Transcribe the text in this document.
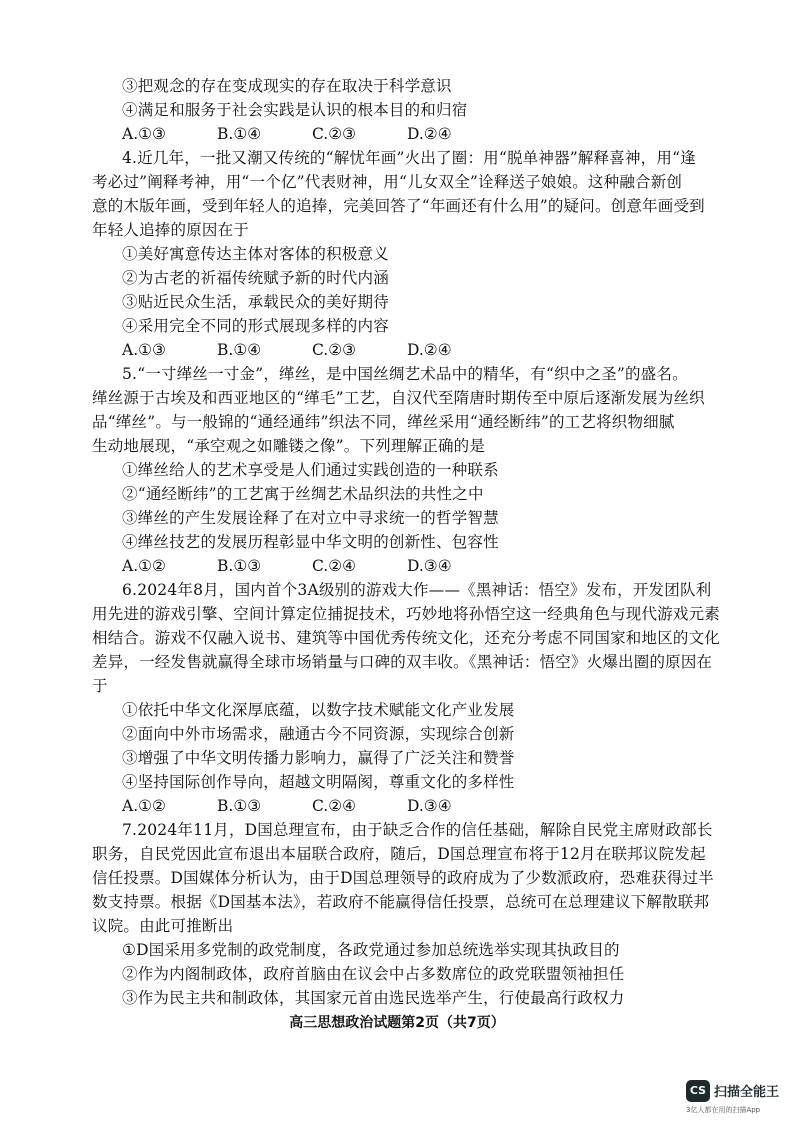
③把观念的存在变成现实的存在取决于科学意识
④满足和服务于社会实践是认识的根本目的和归宿
A.①③	B.①④	C.②③	D.②④
4.近几年，一批又潮又传统的“解忧年画”火出了圈：用“脱单神器”解释喜神，用“逢
考必过”阐释考神，用“一个亿”代表财神，用“儿女双全”诠释送子娘娘。这种融合新创
意的木版年画，受到年轻人的追捧，完美回答了“年画还有什么用”的疑问。创意年画受到
年轻人追捧的原因在于
①美好寓意传达主体对客体的积极意义
②为古老的祈福传统赋予新的时代内涵
③贴近民众生活，承载民众的美好期待
④采用完全不同的形式展现多样的内容
A.①③	B.①④	C.②③	D.②④
5.“一寸缂丝一寸金”，缂丝，是中国丝绸艺术品中的精华，有“织中之圣”的盛名。
缂丝源于古埃及和西亚地区的“缂毛”工艺，自汉代至隋唐时期传至中原后逐渐发展为丝织
品“缂丝”。与一般锦的“通经通纬”织法不同，缂丝采用“通经断纬”的工艺将织物细腻
生动地展现，“承空观之如雕镂之像”。下列理解正确的是
①缂丝给人的艺术享受是人们通过实践创造的一种联系
②“通经断纬”的工艺寓于丝绸艺术品织法的共性之中
③缂丝的产生发展诠释了在对立中寻求统一的哲学智慧
④缂丝技艺的发展历程彰显中华文明的创新性、包容性
A.①②	B.①③	C.②④	D.③④
6.2024年8月，国内首个3A级别的游戏大作——《黑神话：悟空》发布，开发团队利
用先进的游戏引擎、空间计算定位捕捉技术，巧妙地将孙悟空这一经典角色与现代游戏元素
相结合。游戏不仅融入说书、建筑等中国优秀传统文化，还充分考虑不同国家和地区的文化
差异，一经发售就赢得全球市场销量与口碑的双丰收。《黑神话：悟空》火爆出圈的原因在
于
①依托中华文化深厚底蕴，以数字技术赋能文化产业发展
②面向中外市场需求，融通古今不同资源，实现综合创新
③增强了中华文明传播力影响力，赢得了广泛关注和赞誉
④坚持国际创作导向，超越文明隔阂，尊重文化的多样性
A.①②	B.①③	C.②④	D.③④
7.2024年11月，D国总理宣布，由于缺乏合作的信任基础，解除自民党主席财政部长
职务，自民党因此宣布退出本届联合政府，随后，D国总理宣布将于12月在联邦议院发起
信任投票。D国媒体分析认为，由于D国总理领导的政府成为了少数派政府，恐难获得过半
数支持票。根据《D国基本法》，若政府不能赢得信任投票，总统可在总理建议下解散联邦
议院。由此可推断出
①D国采用多党制的政党制度，各政党通过参加总统选举实现其执政目的
②作为内阁制政体，政府首脑由在议会中占多数席位的政党联盟领袖担任
③作为民主共和制政体，其国家元首由选民选举产生，行使最高行政权力
高三思想政治试题第2页（共7页）
CS 扫描全能王
3亿人都在用的扫描App
